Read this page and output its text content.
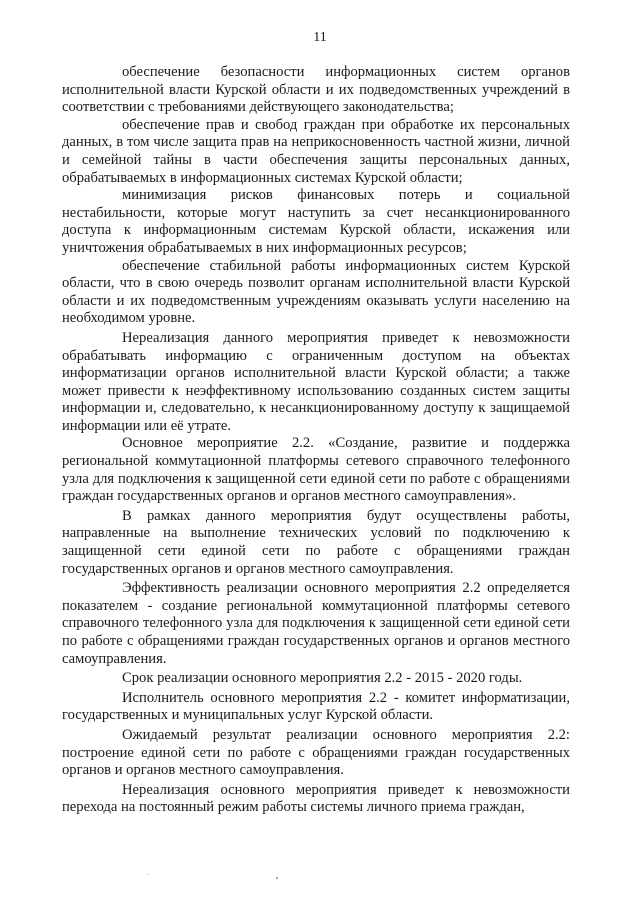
11

обеспечение безопасности информационных систем органов исполнительной власти Курской области и их подведомственных учреждений в соответствии с требованиями действующего законодательства;

обеспечение прав и свобод граждан при обработке их персональных данных, в том числе защита прав на неприкосновенность частной жизни, личной и семейной тайны в части обеспечения защиты персональных данных, обрабатываемых в информационных системах Курской области;

минимизация рисков финансовых потерь и социальной нестабильности, которые могут наступить за счет несанкционированного доступа к информационным системам Курской области, искажения или уничтожения обрабатываемых в них информационных ресурсов;

обеспечение стабильной работы информационных систем Курской области, что в свою очередь позволит органам исполнительной власти Курской области и их подведомственным учреждениям оказывать услуги населению на необходимом уровне.

Нереализация данного мероприятия приведет к невозможности обрабатывать информацию с ограниченным доступом на объектах информатизации органов исполнительной власти Курской области; а также может привести к неэффективному использованию созданных систем защиты информации и, следовательно, к несанкционированному доступу к защищаемой информации или её утрате.

Основное мероприятие 2.2. «Создание, развитие и поддержка региональной коммутационной платформы сетевого справочного телефонного узла для подключения к защищенной сети единой сети по работе с обращениями граждан государственных органов и органов местного самоуправления».

В рамках данного мероприятия будут осуществлены работы, направленные на выполнение технических условий по подключению к защищенной сети единой сети по работе с обращениями граждан государственных органов и органов местного самоуправления.

Эффективность реализации основного мероприятия 2.2 определяется показателем - создание региональной коммутационной платформы сетевого справочного телефонного узла для подключения к защищенной сети единой сети по работе с обращениями граждан государственных органов и органов местного самоуправления.

Срок реализации основного мероприятия 2.2 - 2015 - 2020 годы.

Исполнитель основного мероприятия 2.2 - комитет информатизации, государственных и муниципальных услуг Курской области.

Ожидаемый результат реализации основного мероприятия 2.2: построение единой сети по работе с обращениями граждан государственных органов и органов местного самоуправления.

Нереализация основного мероприятия приведет к невозможности перехода на постоянный режим работы системы личного приема граждан,
